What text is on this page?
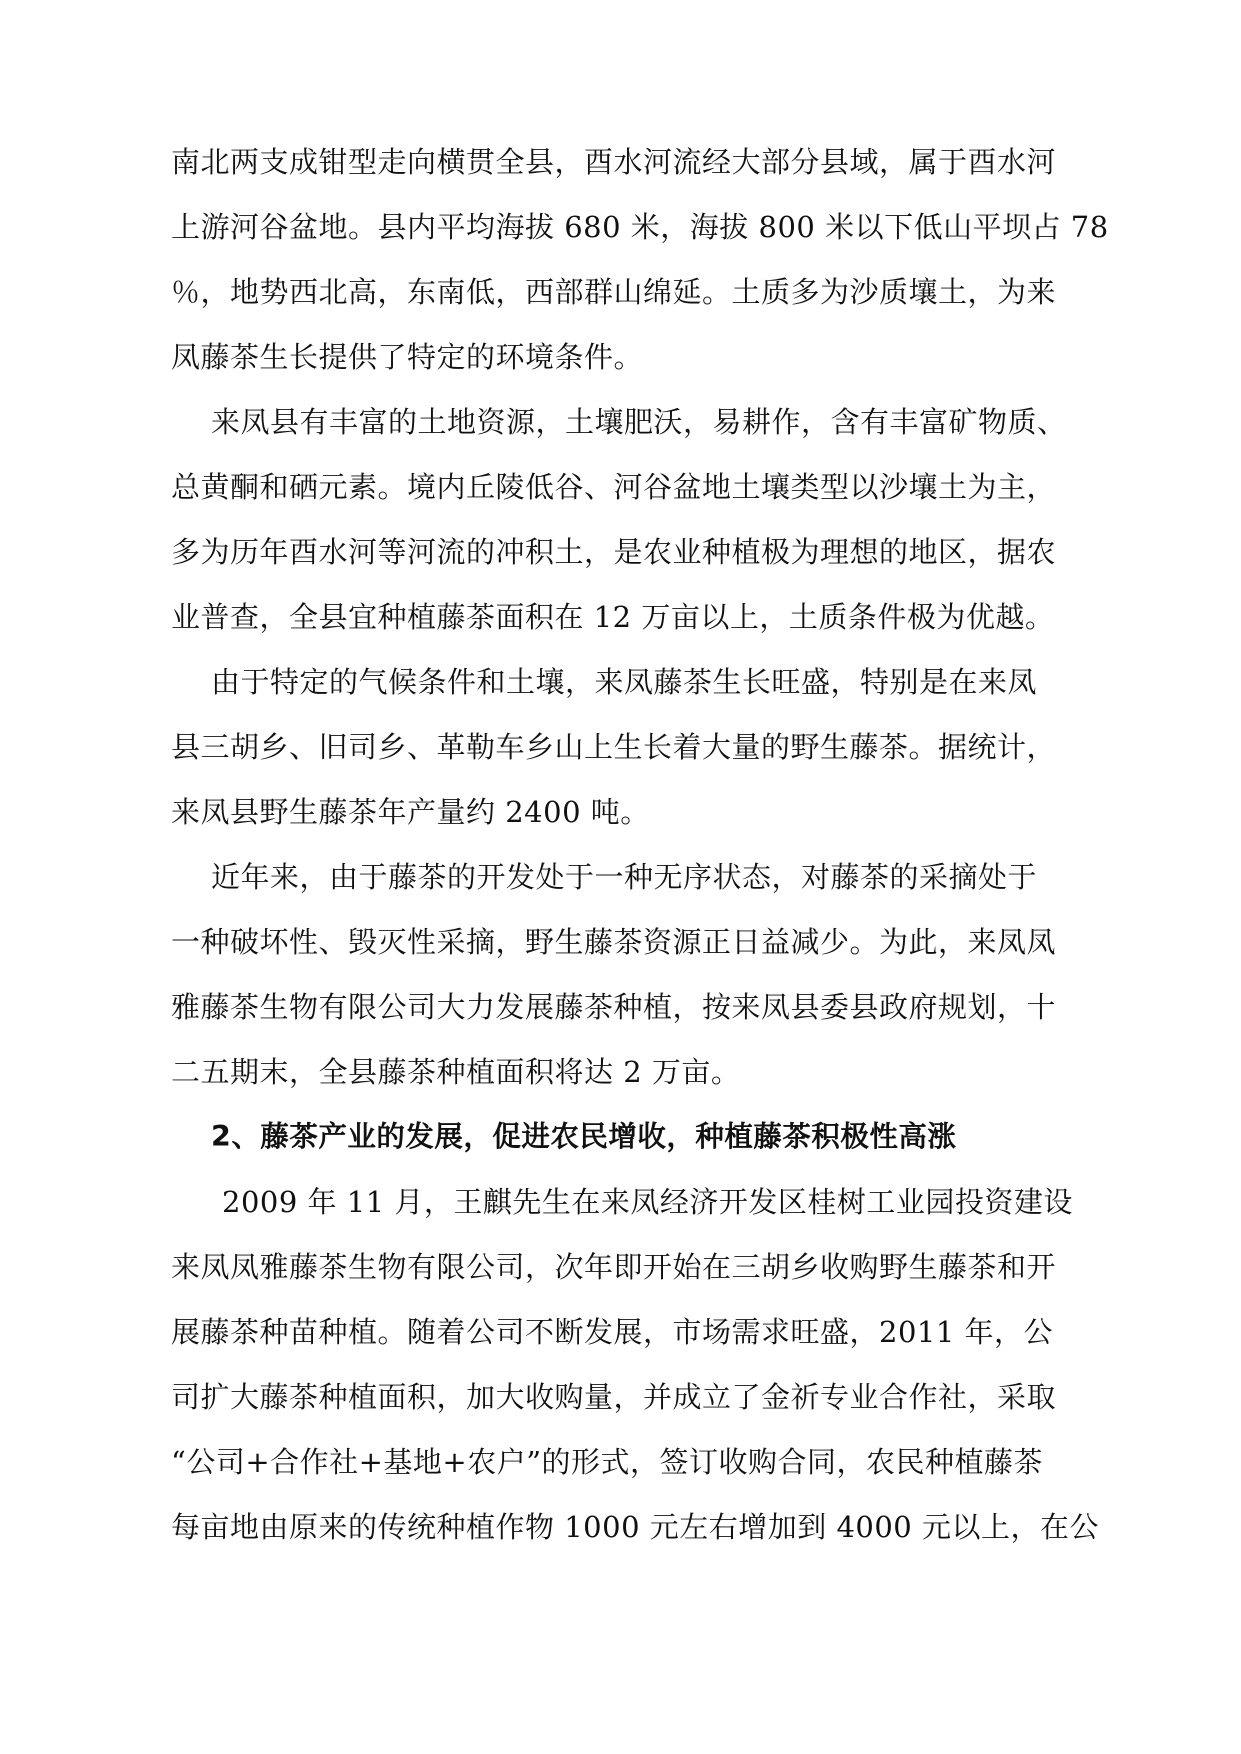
南北两支成钳型走向横贯全县，酉水河流经大部分县域，属于酉水河
上游河谷盆地。县内平均海拔 680 米，海拔 800 米以下低山平坝占 78
％，地势西北高，东南低，西部群山绵延。土质多为沙质壤土，为来
凤藤茶生长提供了特定的环境条件。
来凤县有丰富的土地资源，土壤肥沃，易耕作，含有丰富矿物质、
总黄酮和硒元素。境内丘陵低谷、河谷盆地土壤类型以沙壤土为主，
多为历年酉水河等河流的冲积土，是农业种植极为理想的地区，据农
业普查，全县宜种植藤茶面积在 12 万亩以上，土质条件极为优越。
由于特定的气候条件和土壤，来凤藤茶生长旺盛，特别是在来凤
县三胡乡、旧司乡、革勒车乡山上生长着大量的野生藤茶。据统计，
来凤县野生藤茶年产量约 2400 吨。
近年来，由于藤茶的开发处于一种无序状态，对藤茶的采摘处于
一种破坏性、毁灭性采摘，野生藤茶资源正日益减少。为此，来凤凤
雅藤茶生物有限公司大力发展藤茶种植，按来凤县委县政府规划，十
二五期末，全县藤茶种植面积将达 2 万亩。
2、藤茶产业的发展，促进农民增收，种植藤茶积极性高涨
2009 年 11 月，王麒先生在来凤经济开发区桂树工业园投资建设
来凤凤雅藤茶生物有限公司，次年即开始在三胡乡收购野生藤茶和开
展藤茶种苗种植。随着公司不断发展，市场需求旺盛，2011 年，公
司扩大藤茶种植面积，加大收购量，并成立了金祈专业合作社，采取
“公司+合作社+基地+农户”的形式，签订收购合同，农民种植藤茶
每亩地由原来的传统种植作物 1000 元左右增加到 4000 元以上，在公
